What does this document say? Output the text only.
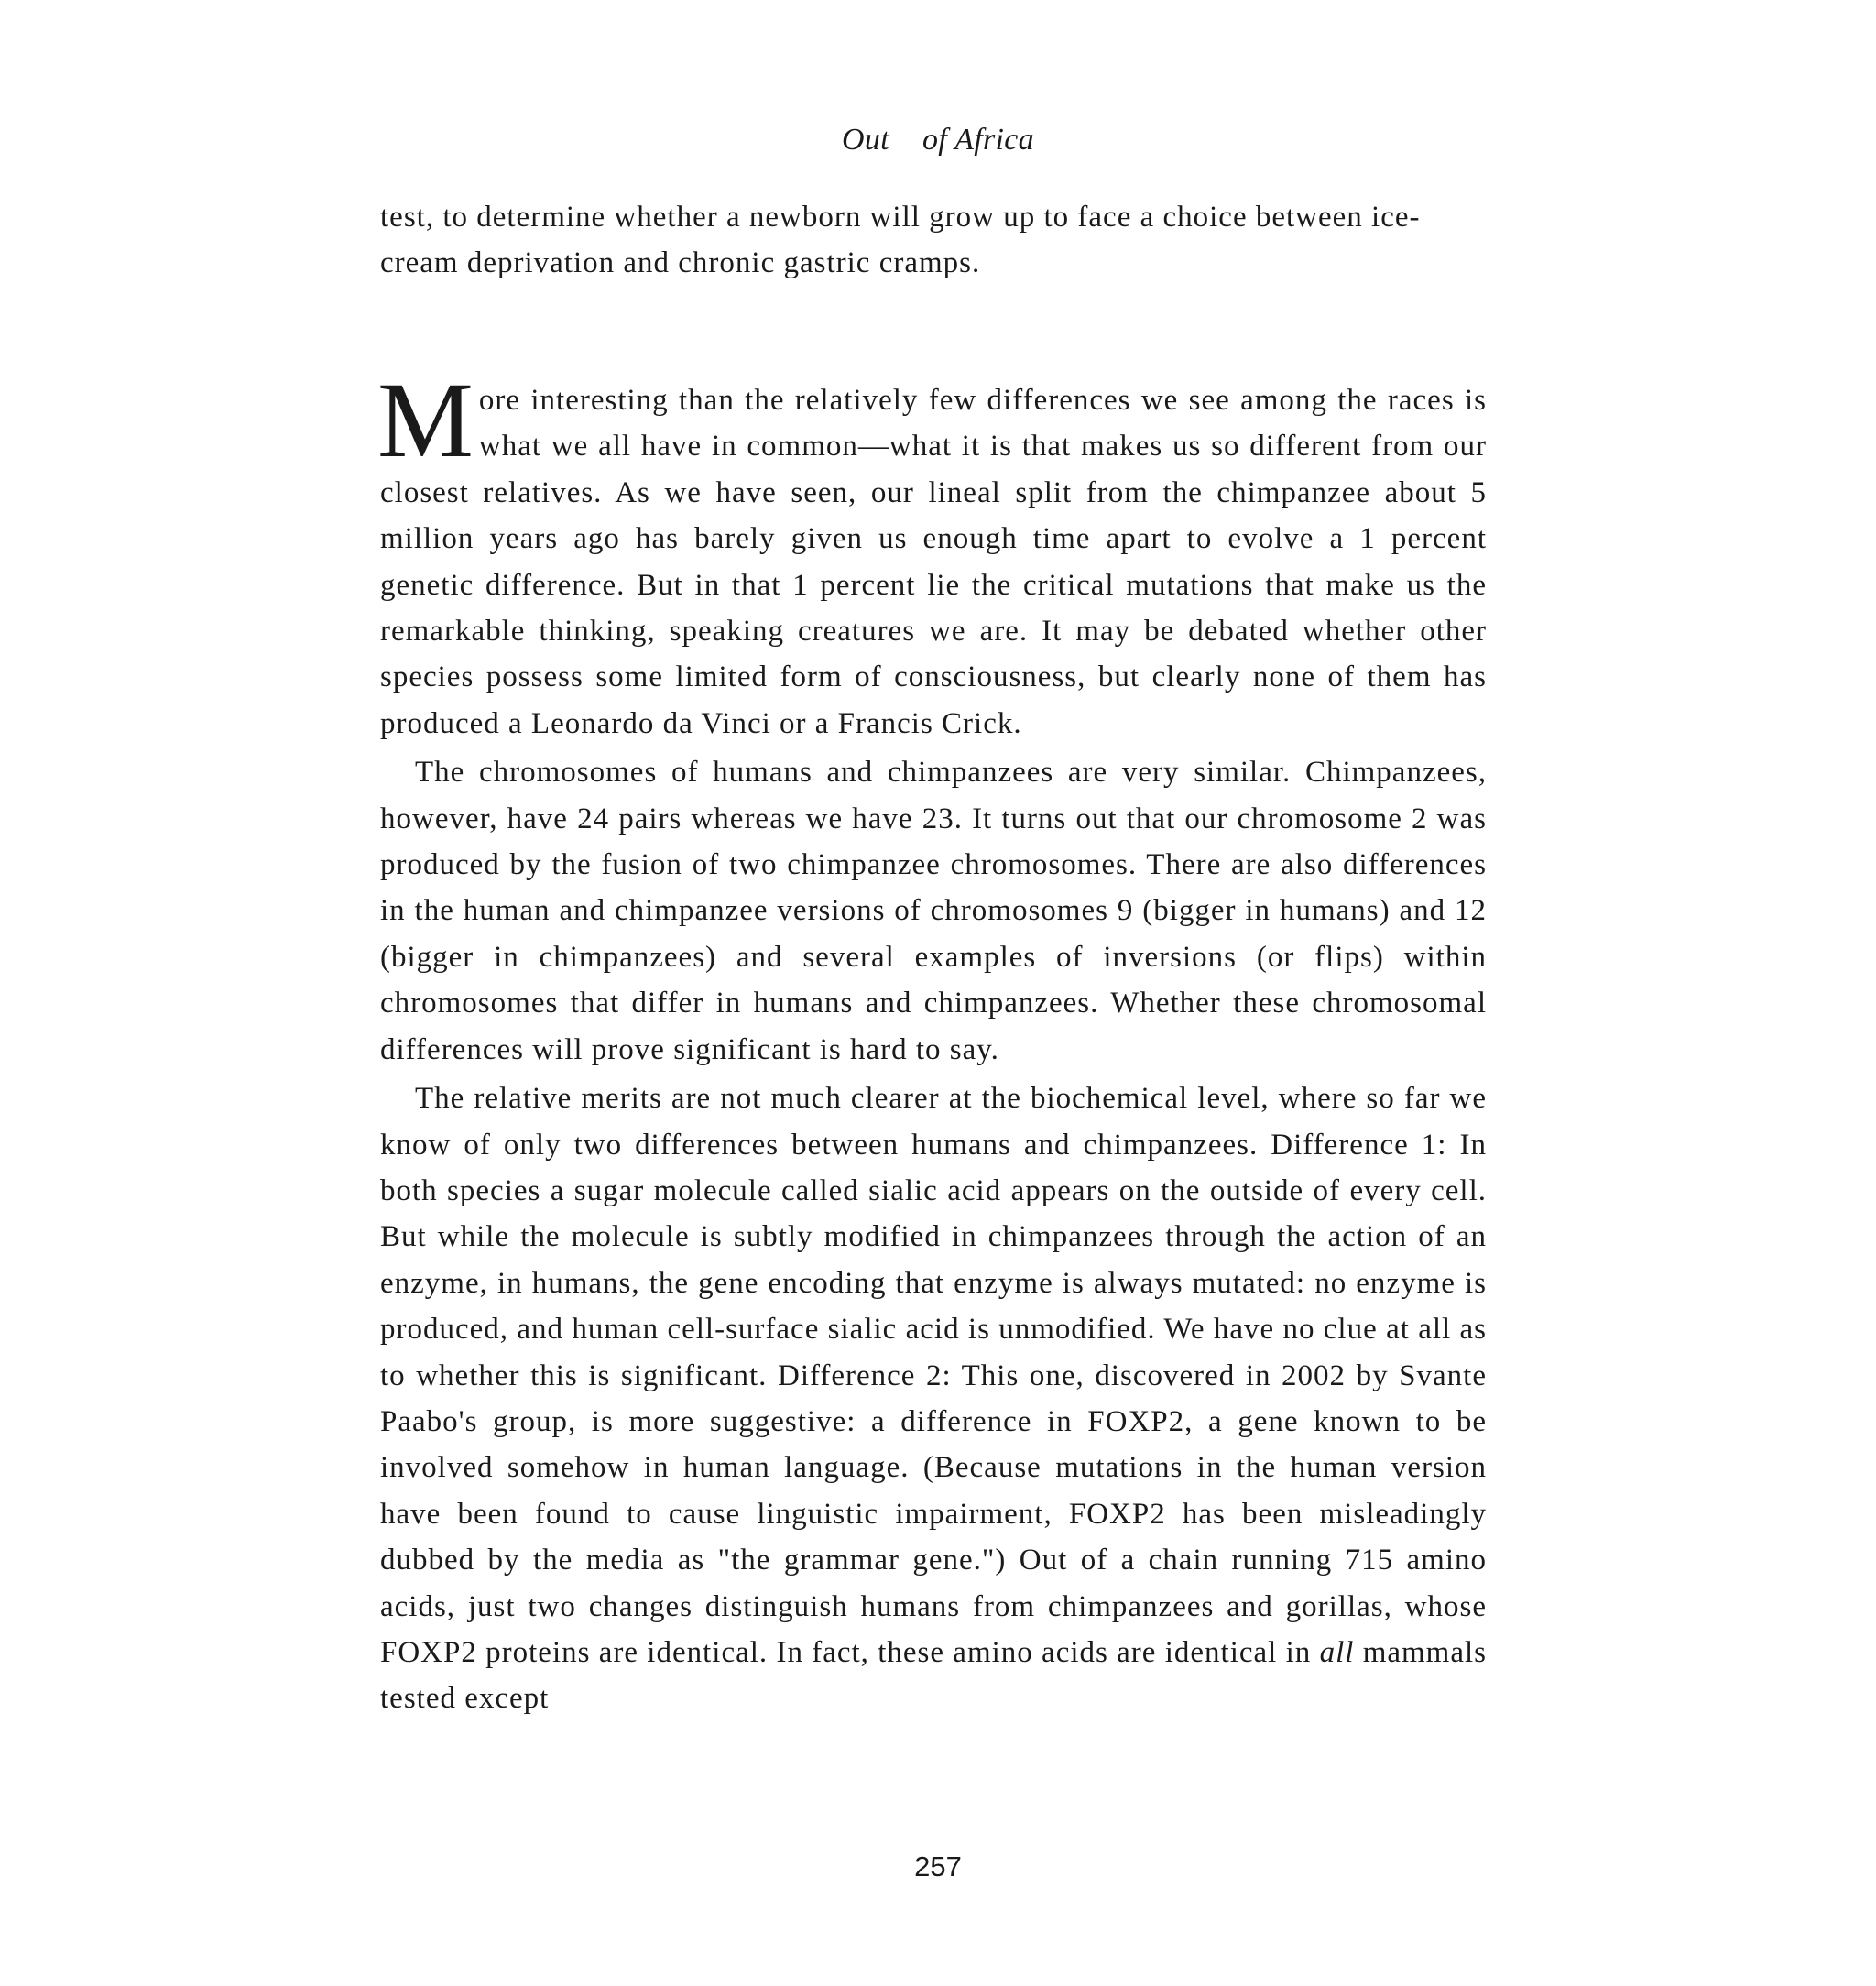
Out of Africa

test, to determine whether a newborn will grow up to face a choice between ice-cream deprivation and chronic gastric cramps.

More interesting than the relatively few differences we see among the races is what we all have in common—what it is that makes us so different from our closest relatives. As we have seen, our lineal split from the chimpanzee about 5 million years ago has barely given us enough time apart to evolve a 1 percent genetic difference. But in that 1 percent lie the critical mutations that make us the remarkable thinking, speaking creatures we are. It may be debated whether other species possess some limited form of consciousness, but clearly none of them has produced a Leonardo da Vinci or a Francis Crick.

The chromosomes of humans and chimpanzees are very similar. Chimpanzees, however, have 24 pairs whereas we have 23. It turns out that our chromosome 2 was produced by the fusion of two chimpanzee chromosomes. There are also differences in the human and chimpanzee versions of chromosomes 9 (bigger in humans) and 12 (bigger in chimpanzees) and several examples of inversions (or flips) within chromosomes that differ in humans and chimpanzees. Whether these chromosomal differences will prove significant is hard to say.

The relative merits are not much clearer at the biochemical level, where so far we know of only two differences between humans and chimpanzees. Difference 1: In both species a sugar molecule called sialic acid appears on the outside of every cell. But while the molecule is subtly modified in chimpanzees through the action of an enzyme, in humans, the gene encoding that enzyme is always mutated: no enzyme is produced, and human cell-surface sialic acid is unmodified. We have no clue at all as to whether this is significant. Difference 2: This one, discovered in 2002 by Svante Paabo's group, is more suggestive: a difference in FOXP2, a gene known to be involved somehow in human language. (Because mutations in the human version have been found to cause linguistic impairment, FOXP2 has been misleadingly dubbed by the media as "the grammar gene.") Out of a chain running 715 amino acids, just two changes distinguish humans from chimpanzees and gorillas, whose FOXP2 proteins are identical. In fact, these amino acids are identical in all mammals tested except

257
